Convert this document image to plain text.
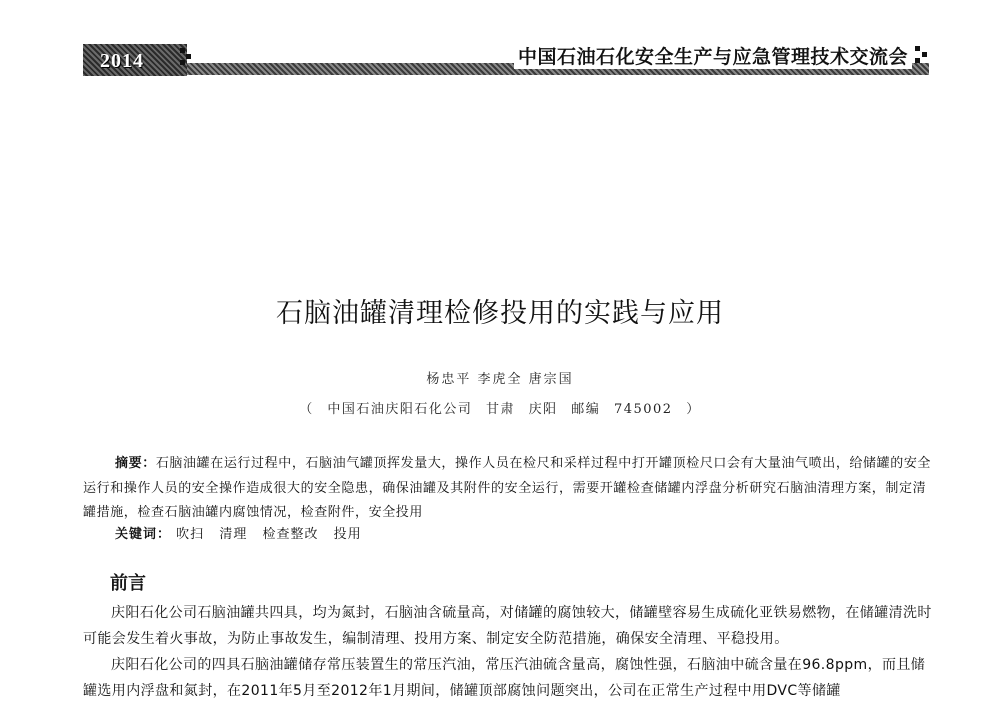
2014	中国石油石化安全生产与应急管理技术交流会
石脑油罐清理检修投用的实践与应用
杨忠平 李虎全 唐宗国
（ 中国石油庆阳石化公司 甘肃 庆阳 邮编 745002 ）
摘要：石脑油罐在运行过程中，石脑油气罐顶挥发量大，操作人员在检尺和采样过程中打开罐顶检尺口会有大量油气喷出，给储罐的安全运行和操作人员的安全操作造成很大的安全隐患，确保油罐及其附件的安全运行，需要开罐检查储罐内浮盘分析研究石脑油清理方案，制定清罐措施，检查石脑油罐内腐蚀情况，检查附件，安全投用
关键词： 吹扫 清理 检查整改 投用
前言
庆阳石化公司石脑油罐共四具，均为氮封，石脑油含硫量高，对储罐的腐蚀较大，储罐壁容易生成硫化亚铁易燃物，在储罐清洗时可能会发生着火事故，为防止事故发生，编制清理、投用方案、制定安全防范措施，确保安全清理、平稳投用。
庆阳石化公司的四具石脑油罐储存常压装置生的常压汽油，常压汽油硫含量高，腐蚀性强，石脑油中硫含量在96.8ppm，而且储罐选用内浮盘和氮封，在2011年5月至2012年1月期间，储罐顶部腐蚀问题突出，公司在正常生产过程中用DVC等储罐
